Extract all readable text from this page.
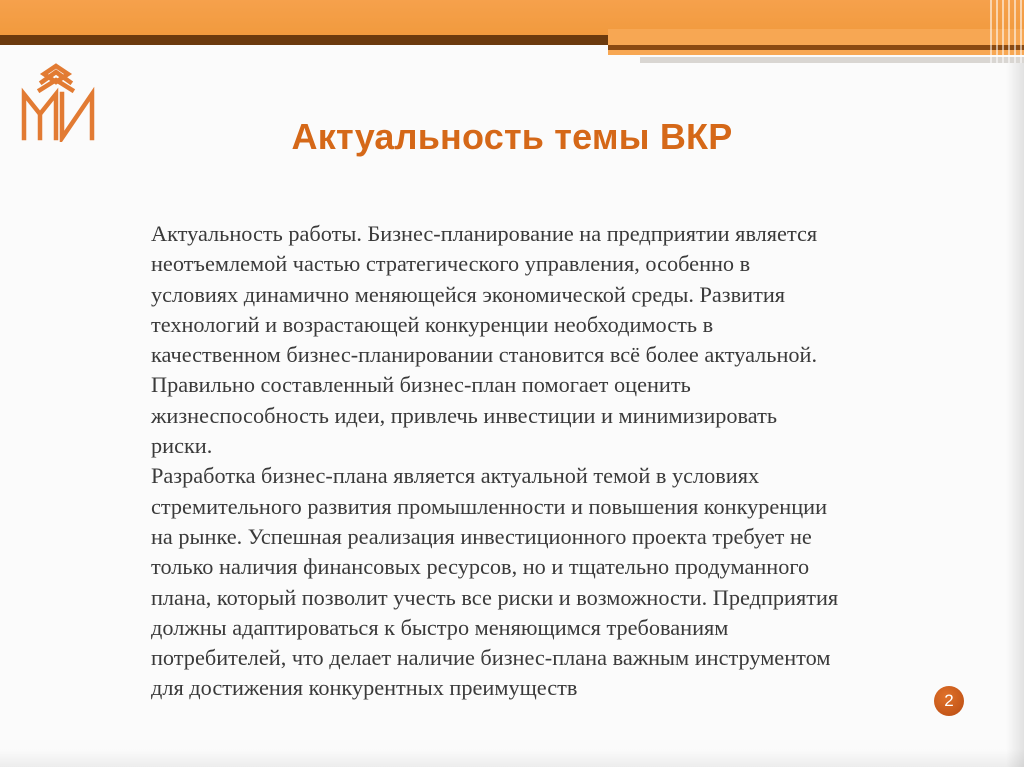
Актуальность темы ВКР

Актуальность работы. Бизнес-планирование на предприятии является

неотъемлемой частью стратегического управления, особенно в

условиях динамично меняющейся экономической среды. Развития

технологий и возрастающей конкуренции необходимость в

качественном бизнес-планировании становится всё более актуальной.

Правильно составленный бизнес-план помогает оценить

жизнеспособность идеи, привлечь инвестиции и минимизировать

риски.

Разработка бизнес-плана является актуальной темой в условиях

стремительного развития промышленности и повышения конкуренции

на рынке. Успешная реализация инвестиционного проекта требует не

только наличия финансовых ресурсов, но и тщательно продуманного

плана, который позволит учесть все риски и возможности. Предприятия

должны адаптироваться к быстро меняющимся требованиям

потребителей, что делает наличие бизнес-плана важным инструментом

для достижения конкурентных преимуществ

2
